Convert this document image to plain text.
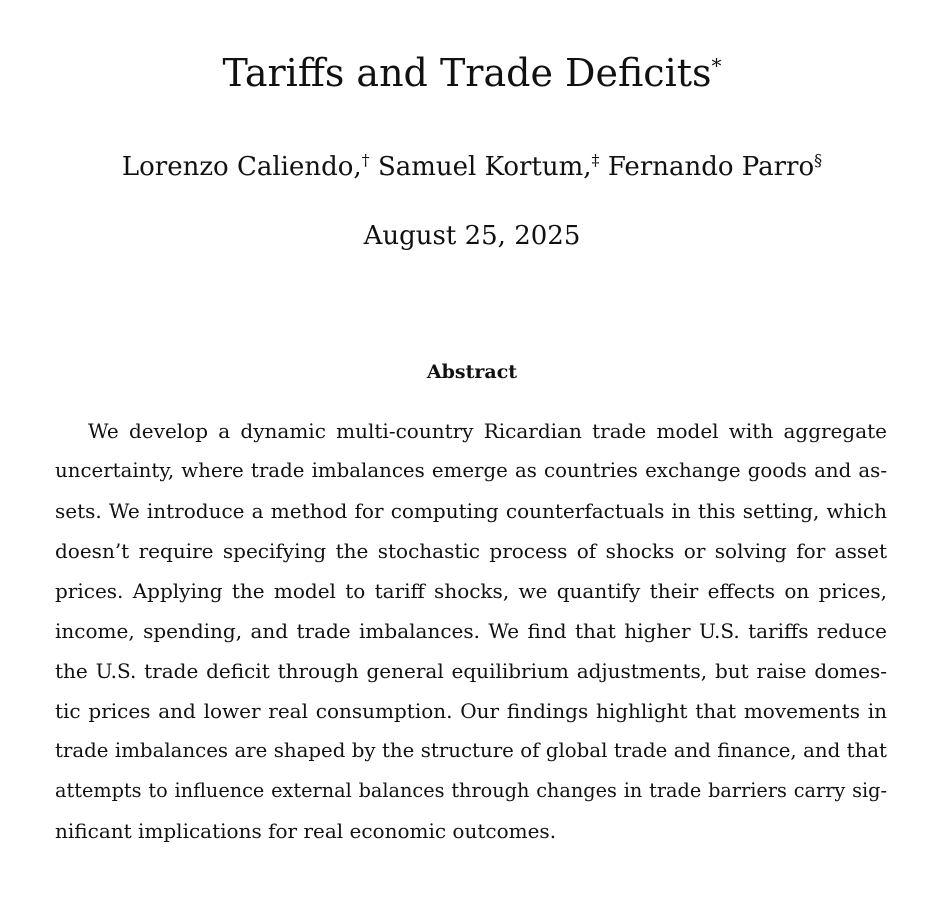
Tariffs and Trade Deficits*
Lorenzo Caliendo,† Samuel Kortum,‡ Fernando Parro§
August 25, 2025
Abstract
We develop a dynamic multi-country Ricardian trade model with aggregate
uncertainty, where trade imbalances emerge as countries exchange goods and as-
sets. We introduce a method for computing counterfactuals in this setting, which
doesn’t require specifying the stochastic process of shocks or solving for asset
prices. Applying the model to tariff shocks, we quantify their effects on prices,
income, spending, and trade imbalances. We find that higher U.S. tariffs reduce
the U.S. trade deficit through general equilibrium adjustments, but raise domes-
tic prices and lower real consumption. Our findings highlight that movements in
trade imbalances are shaped by the structure of global trade and finance, and that
attempts to influence external balances through changes in trade barriers carry sig-
nificant implications for real economic outcomes.
